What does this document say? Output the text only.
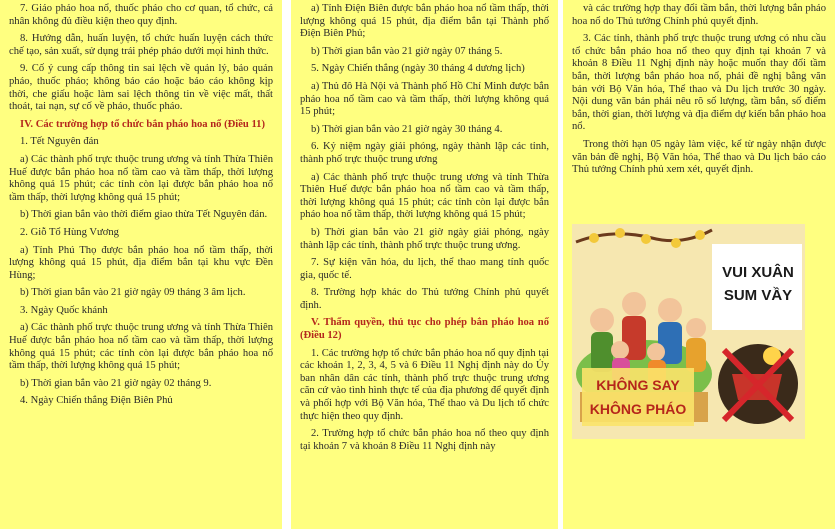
7. Giáo phảo hoa nổ, thuốc pháo cho cơ quan, tổ chức, cá nhân không đủ điều kiện theo quy định.

8. Hướng dẫn, huấn luyện, tổ chức huấn luyện cách thức chế tạo, sản xuất, sử dụng trái phép pháo dưới mọi hình thức.

9. Cố ý cung cấp thông tin sai lệch về quản lý, bảo quản pháo, thuốc pháo; không báo cáo hoặc báo cáo không kịp thời, che giấu hoặc làm sai lệch thông tin về việc mất, thất thoát, tai nạn, sự cố về pháo, thuốc pháo.

IV. Các trường hợp tổ chức bắn pháo hoa nổ (Điều 11)

1. Tết Nguyên đán

a) Các thành phố trực thuộc trung ương và tỉnh Thừa Thiên Huế được bắn pháo hoa nổ tầm cao và tầm thấp, thời lượng không quá 15 phút; các tỉnh còn lại được bắn pháo hoa nổ tầm thấp, thời lượng không quá 15 phút;

b) Thời gian bắn vào thời điểm giao thừa Tết Nguyên đán.

2. Giỗ Tổ Hùng Vương

a) Tỉnh Phú Thọ được bắn pháo hoa nổ tầm thấp, thời lượng không quá 15 phút, địa điểm bắn tại khu vực Đền Hùng;

b) Thời gian bắn vào 21 giờ ngày 09 tháng 3 âm lịch.

3. Ngày Quốc khánh

a) Các thành phố trực thuộc trung ương và tỉnh Thừa Thiên Huế được bắn pháo hoa nổ tầm cao và tầm thấp, thời lượng không quá 15 phút; các tỉnh còn lại được bắn pháo hoa nổ tầm thấp, thời lượng không quá 15 phút;

b) Thời gian bắn vào 21 giờ ngày 02 tháng 9.

4. Ngày Chiến thắng Điện Biên Phủ

a) Tỉnh Điện Biên được bắn pháo hoa nổ tầm thấp, thời lượng không quá 15 phút, địa điểm bắn tại Thành phố Điện Biên Phủ;

b) Thời gian bắn vào 21 giờ ngày 07 tháng 5.

5. Ngày Chiến thắng (ngày 30 tháng 4 dương lịch)

a) Thủ đô Hà Nội và Thành phố Hồ Chí Minh được bắn pháo hoa nổ tầm cao và tầm thấp, thời lượng không quá 15 phút;

b) Thời gian bắn vào 21 giờ ngày 30 tháng 4.

6. Kỷ niệm ngày giải phóng, ngày thành lập các tỉnh, thành phố trực thuộc trung ương

a) Các thành phố trực thuộc trung ương và tỉnh Thừa Thiên Huế được bắn pháo hoa nổ tầm cao và tầm thấp, thời lượng không quá 15 phút; các tỉnh còn lại được bắn pháo hoa nổ tầm thấp, thời lượng không quá 15 phút;

b) Thời gian bắn vào 21 giờ ngày giải phóng, ngày thành lập các tỉnh, thành phố trực thuộc trung ương.

7. Sự kiện văn hóa, du lịch, thể thao mang tính quốc gia, quốc tế.

8. Trường hợp khác do Thủ tướng Chính phủ quyết định.

V. Thẩm quyền, thủ tục cho phép bắn pháo hoa nổ (Điều 12)

1. Các trường hợp tổ chức bắn pháo hoa nổ quy định tại các khoản 1, 2, 3, 4, 5 và 6 Điều 11 Nghị định này do Ủy ban nhân dân các tỉnh, thành phố trực thuộc trung ương căn cứ vào tình hình thực tế của địa phương để quyết định và phối hợp với Bộ Văn hóa, Thể thao và Du lịch tổ chức thực hiện theo quy định.

2. Trường hợp tổ chức bắn pháo hoa nổ theo quy định tại khoản 7 và khoản 8 Điều 11 Nghị định này

và các trường hợp thay đổi tầm bắn, thời lượng bắn pháo hoa nổ do Thủ tướng Chính phủ quyết định.

3. Các tỉnh, thành phố trực thuộc trung ương có nhu cầu tổ chức bắn pháo hoa nổ theo quy định tại khoản 7 và khoản 8 Điều 11 Nghị định này hoặc muốn thay đổi tầm bắn, thời lượng bắn pháo hoa nổ, phải đề nghị bằng văn bản với Bộ Văn hóa, Thể thao và Du lịch trước 30 ngày. Nội dung văn bản phải nêu rõ số lượng, tầm bắn, số điểm bắn, thời gian, thời lượng và địa điểm dự kiến bắn pháo hoa nổ.

Trong thời hạn 05 ngày làm việc, kể từ ngày nhận được văn bản đề nghị, Bộ Văn hóa, Thể thao và Du lịch báo cáo Thủ tướng Chính phủ xem xét, quyết định.

VUI XUÂN
SUM VẦY
KHÔNG SAY
KHÔNG PHÁO
